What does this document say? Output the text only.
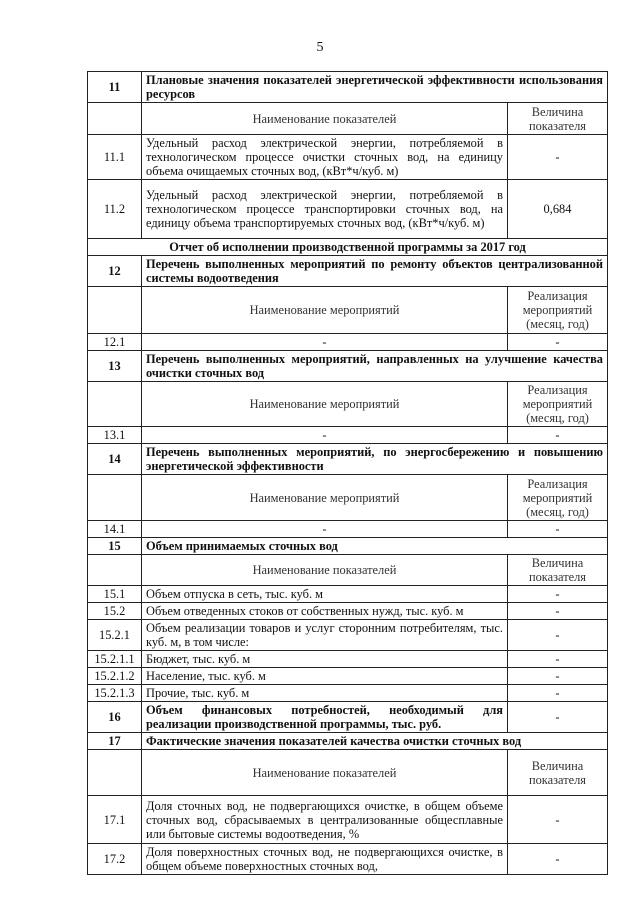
5
11	Плановые значения показателей энергетической эффективности использования ресурсов	
	Наименование показателей	Величина показателя
11.1	Удельный расход электрической энергии, потребляемой в технологическом процессе очистки сточных вод, на единицу объема очищаемых сточных вод, (кВт*ч/куб. м)	-
11.2	Удельный расход электрической энергии, потребляемой в технологическом процессе транспортировки сточных вод, на единицу объема транспортируемых сточных вод, (кВт*ч/куб. м)	0,684
Отчет об исполнении производственной программы за 2017 год		
12	Перечень выполненных мероприятий по ремонту объектов централизованной системы водоотведения	
	Наименование мероприятий	Реализация мероприятий (месяц, год)
12.1	-	-
13	Перечень выполненных мероприятий, направленных на улучшение качества очистки сточных вод	
	Наименование мероприятий	Реализация мероприятий (месяц, год)
13.1	-	-
14	Перечень выполненных мероприятий, по энергосбережению и повышению энергетической эффективности	
	Наименование мероприятий	Реализация мероприятий (месяц, год)
14.1	-	-
15	Объем принимаемых сточных вод	
	Наименование показателей	Величина показателя
15.1	Объем отпуска в сеть, тыс. куб. м	-
15.2	Объем отведенных стоков от собственных нужд, тыс. куб. м	-
15.2.1	Объем реализации товаров и услуг сторонним потребителям, тыс. куб. м, в том числе:	-
15.2.1.1	Бюджет, тыс. куб. м	-
15.2.1.2	Население, тыс. куб. м	-
15.2.1.3	Прочие, тыс. куб. м	-
16	Объем финансовых потребностей, необходимый для реализации производственной программы, тыс. руб.	-
17	Фактические значения показателей качества очистки сточных вод	
	Наименование показателей	Величина показателя
17.1	Доля сточных вод, не подвергающихся очистке, в общем объеме сточных вод, сбрасываемых в централизованные общесплавные или бытовые системы водоотведения, %	-
17.2	Доля поверхностных сточных вод, не подвергающихся очистке, в общем объеме поверхностных сточных вод,	-
